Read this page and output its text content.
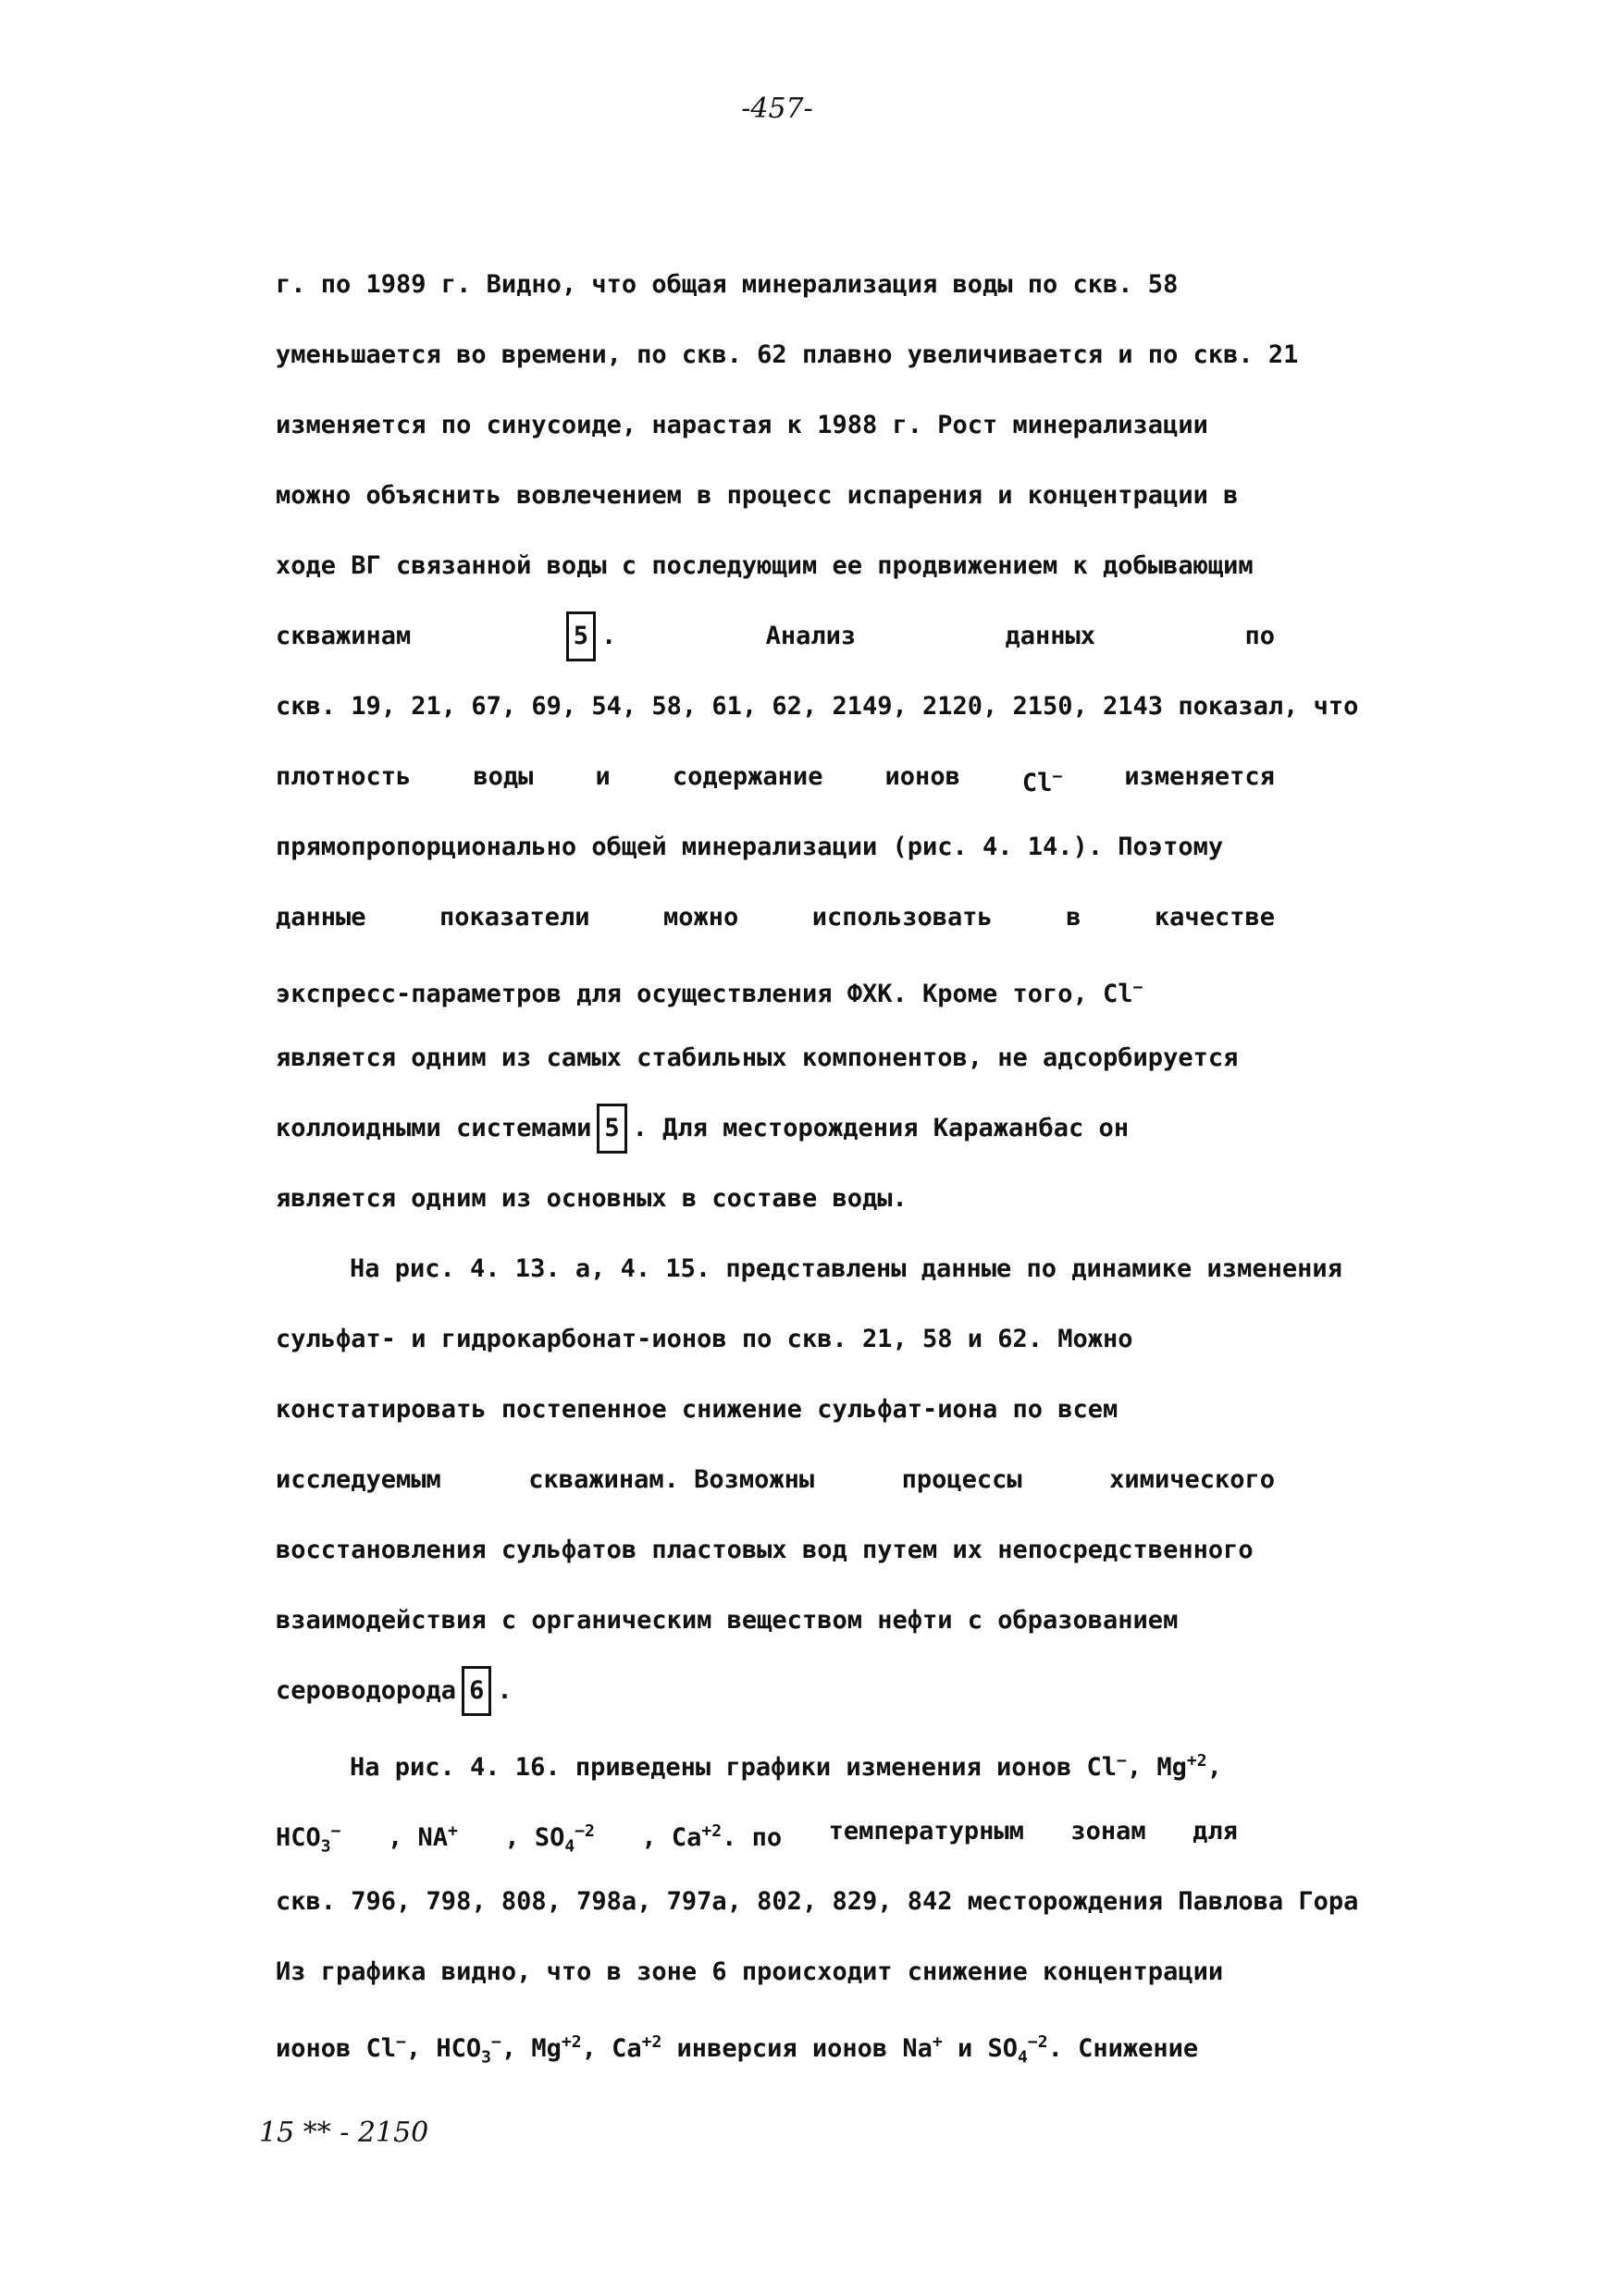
-457-
г. по 1989 г. Видно, что общая минерализация воды по скв. 58
уменьшается во времени, по скв. 62 плавно увеличивается и по скв. 21
изменяется по синусоиде, нарастая к 1988 г. Рост минерализации
можно объяснить вовлечением в процесс испарения и концентрации в
ходе ВГ связанной воды с последующим ее продвижением к добывающим
скважинам	5 .	Анализ	данных	по
скв. 19, 21, 67, 69, 54, 58, 61, 62, 2149, 2120, 2150, 2143 показал, что
плотность воды и содержание ионов Cl− изменяется
прямопропорционально общей минерализации (рис. 4. 14.). Поэтому
данные	показатели	можно	использовать	в	качестве
экспресс-параметров для осуществления ФХК. Кроме того, Cl−
является одним из самых стабильных компонентов, не адсорбируется
коллоидными системами 5 . Для месторождения Каражанбас он
является одним из основных в составе воды.
На рис. 4. 13. а, 4. 15. представлены данные по динамике изменения
сульфат- и гидрокарбонат-ионов по скв. 21, 58 и 62. Можно
констатировать постепенное снижение сульфат-иона по всем
исследуемым	скважинам. Возможны	процессы	химического
восстановления сульфатов пластовых вод путем их непосредственного
взаимодействия с органическим веществом нефти с образованием
сероводорода 6 .
На рис. 4. 16. приведены графики изменения ионов Cl−, $Mg^{+2}$,
$HCO_3^-$ , NA+ , $SO_4^{-2}$ , $Ca^{+2}$. по температурным зонам для
скв. 796, 798, 808, 798а, 797а, 802, 829, 842 месторождения Павлова Гора
Из графика видно, что в зоне 6 происходит снижение концентрации
ионов Cl−, $HCO_3^-$, $Mg^{+2}$, $Ca^{+2}$ инверсия ионов Na+ и $SO_4^{-2}$. Снижение
15 ** - 2150
